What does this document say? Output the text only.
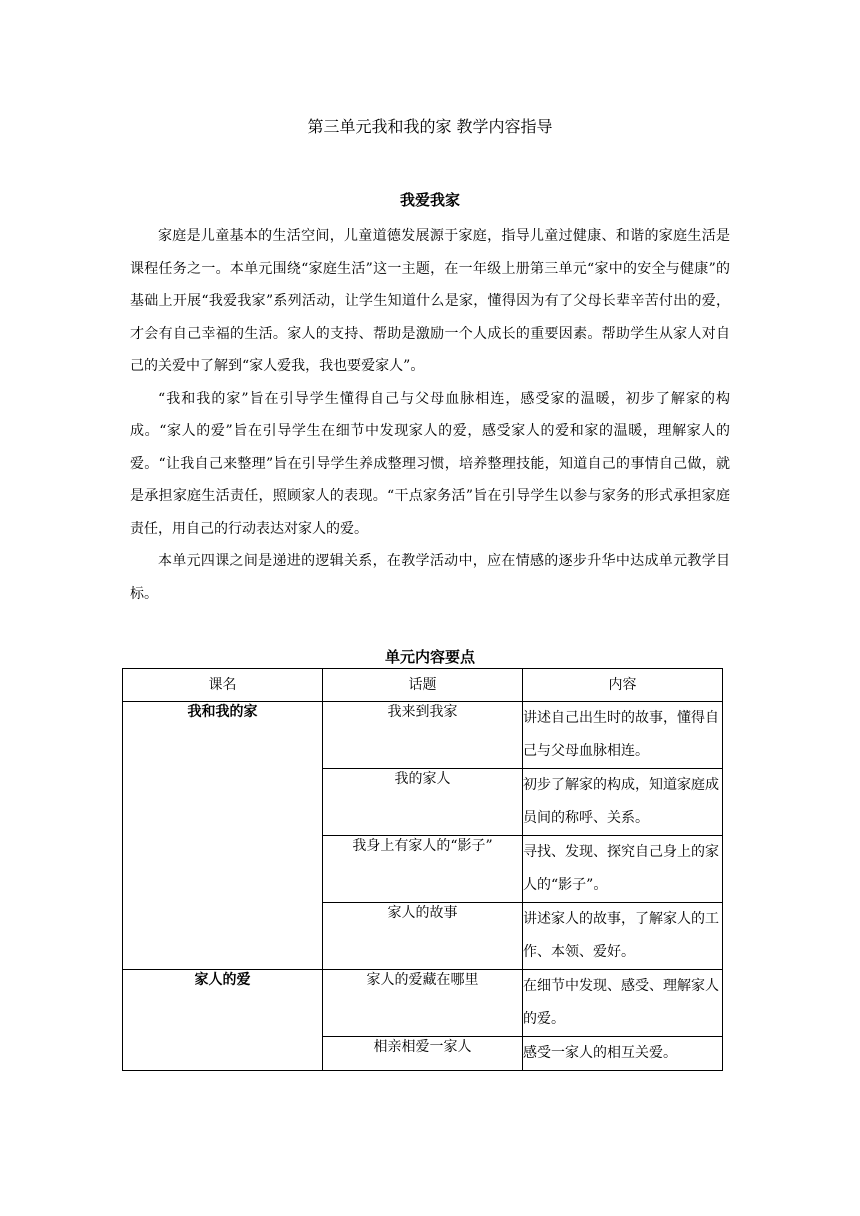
第三单元我和我的家 教学内容指导
我爱我家

家庭是儿童基本的生活空间，儿童道德发展源于家庭，指导儿童过健康、和谐的家庭生活是课程任务之一。本单元围绕“家庭生活”这一主题，在一年级上册第三单元“家中的安全与健康”的基础上开展“我爱我家”系列活动，让学生知道什么是家，懂得因为有了父母长辈辛苦付出的爱，才会有自己幸福的生活。家人的支持、帮助是激励一个人成长的重要因素。帮助学生从家人对自己的关爱中了解到“家人爱我，我也要爱家人”。

“我和我的家”旨在引导学生懂得自己与父母血脉相连，感受家的温暖，初步了解家的构成。“家人的爱”旨在引导学生在细节中发现家人的爱，感受家人的爱和家的温暖，理解家人的爱。“让我自己来整理”旨在引导学生养成整理习惯，培养整理技能，知道自己的事情自己做，就是承担家庭生活责任，照顾家人的表现。“干点家务活”旨在引导学生以参与家务的形式承担家庭责任，用自己的行动表达对家人的爱。

本单元四课之间是递进的逻辑关系，在教学活动中，应在情感的逐步升华中达成单元教学目标。

单元内容要点
课名	话题	内容
我和我的家	我来到我家	讲述自己出生时的故事，懂得自己与父母血脉相连。
	我的家人	初步了解家的构成，知道家庭成员间的称呼、关系。
	我身上有家人的“影子”	寻找、发现、探究自己身上的家人的“影子”。
	家人的故事	讲述家人的故事，了解家人的工作、本领、爱好。
家人的爱	家人的爱藏在哪里	在细节中发现、感受、理解家人的爱。
	相亲相爱一家人	感受一家人的相互关爱。
